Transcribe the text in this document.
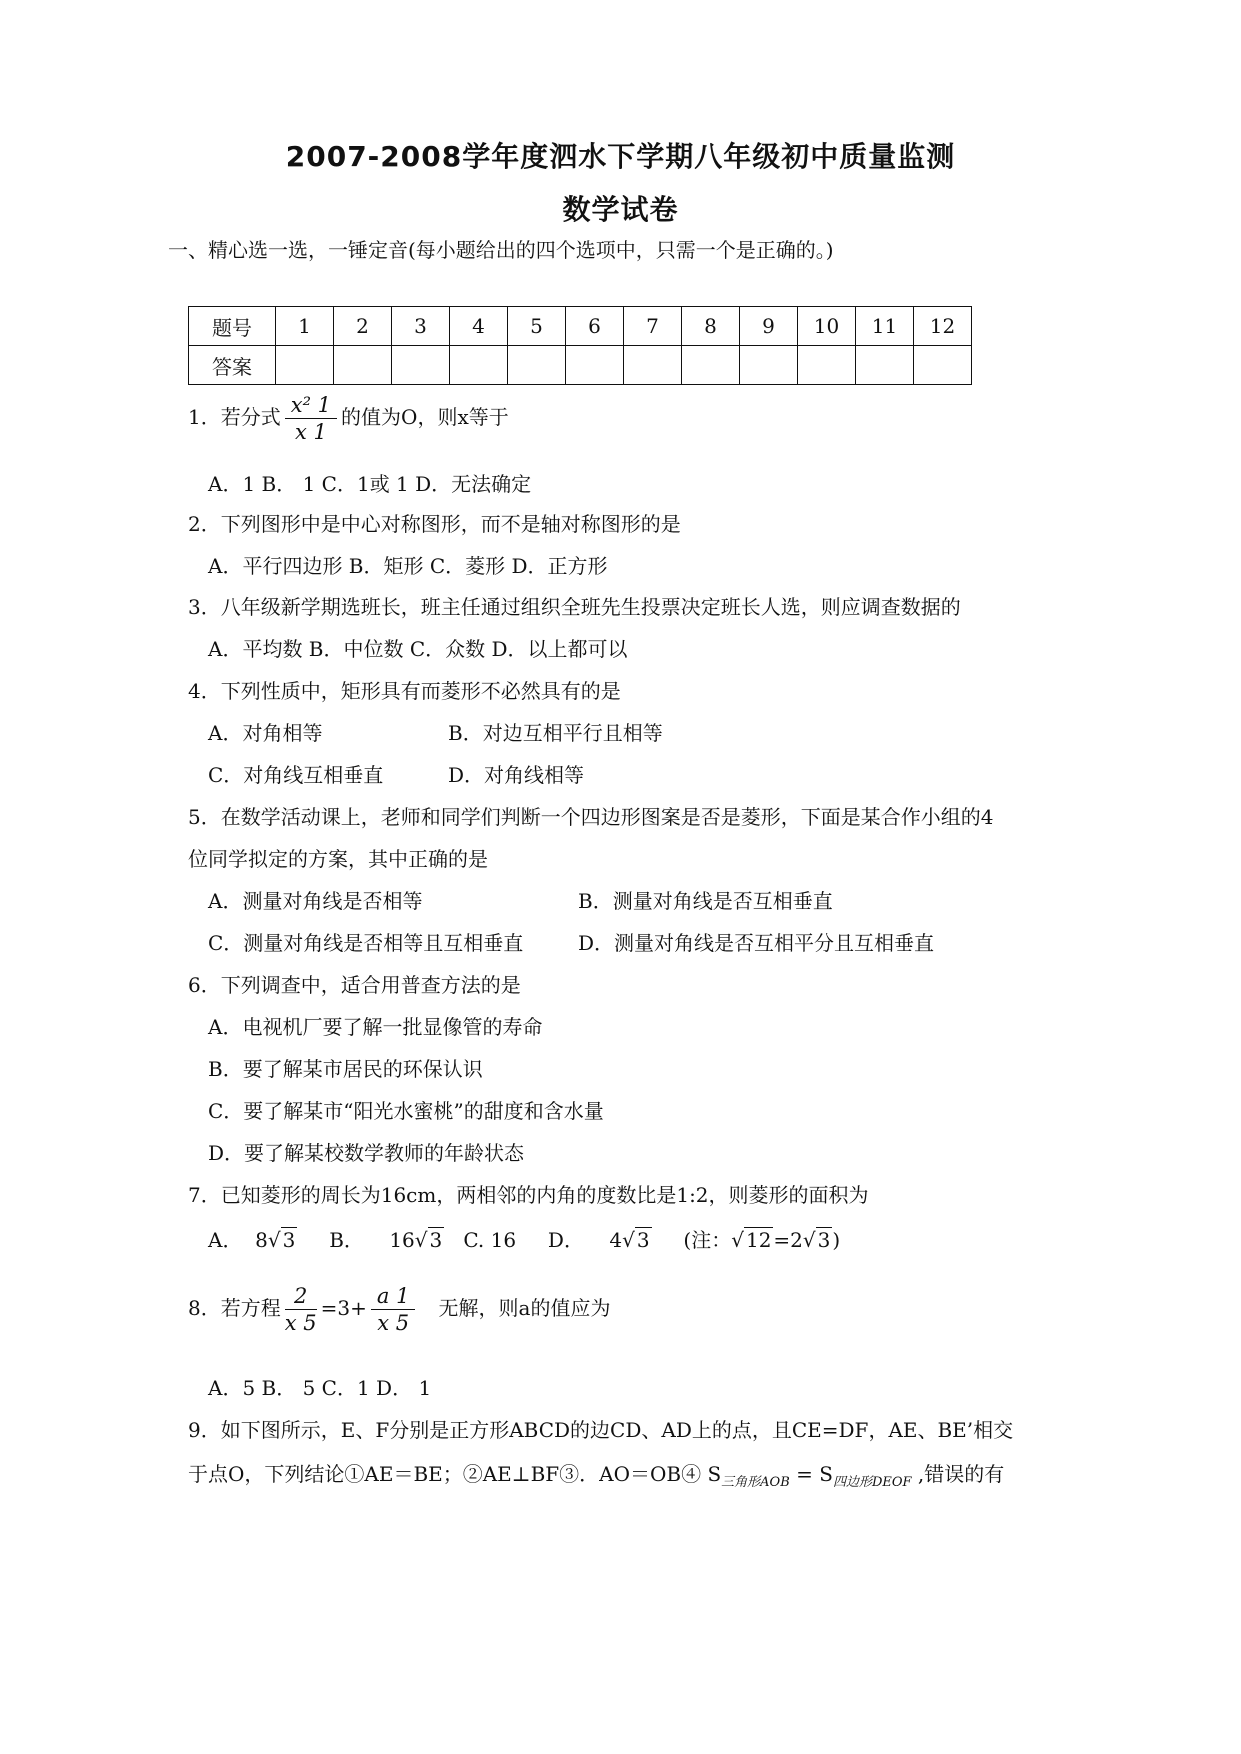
2007-2008学年度泗水下学期八年级初中质量监测
数学试卷
一、精心选一选，一锤定音(每小题给出的四个选项中，只需一个是正确的。)
题号	1	2	3	4	5	6	7	8	9	10	11	12
答案												
1．若分式 $\frac{\text{x² 1}}{x 1}$ 的值为O，则x等于
A．1 B． 1 C．1或 1 D．无法确定
2．下列图形中是中心对称图形，而不是轴对称图形的是
A．平行四边形 B．矩形 C．菱形 D．正方形
3．八年级新学期选班长，班主任通过组织全班先生投票决定班长人选，则应调查数据的
A．平均数 B．中位数 C．众数 D．以上都可以
4．下列性质中，矩形具有而菱形不必然具有的是
A．对角相等	B．对边互相平行且相等
C．对角线互相垂直	D．对角线相等
5．在数学活动课上，老师和同学们判断一个四边形图案是否是菱形，下面是某合作小组的4
位同学拟定的方案，其中正确的是
A．测量对角线是否相等	B．测量对角线是否互相垂直
C．测量对角线是否相等且互相垂直	D．测量对角线是否互相平分且互相垂直
6．下列调查中，适合用普查方法的是
A．电视机厂要了解一批显像管的寿命
B．要了解某市居民的环保认识
C．要了解某市“阳光水蜜桃”的甜度和含水量
D．要了解某校数学教师的年龄状态
7．已知菱形的周长为16cm，两相邻的内角的度数比是1:2，则菱形的面积为
A． 8√ 3 B． 16√ 3 C. 16 D． 4√ 3 (注：√ 12 =2√ 3 )
8．若方程 $\frac{2}{x 5} =3+ \frac{a 1}{x 5}$ 无解，则a的值应为
A．5 B． 5 C．1 D． 1
9．如下图所示，E、F分别是正方形ABCD的边CD、AD上的点，且CE=DF，AE、BE’相交
于点O，下列结论①AE＝BE；②AE⊥BF③．AO＝OB④ $S_{三角形AOB} = S_{四边形DEOF}$ ,错误的有
